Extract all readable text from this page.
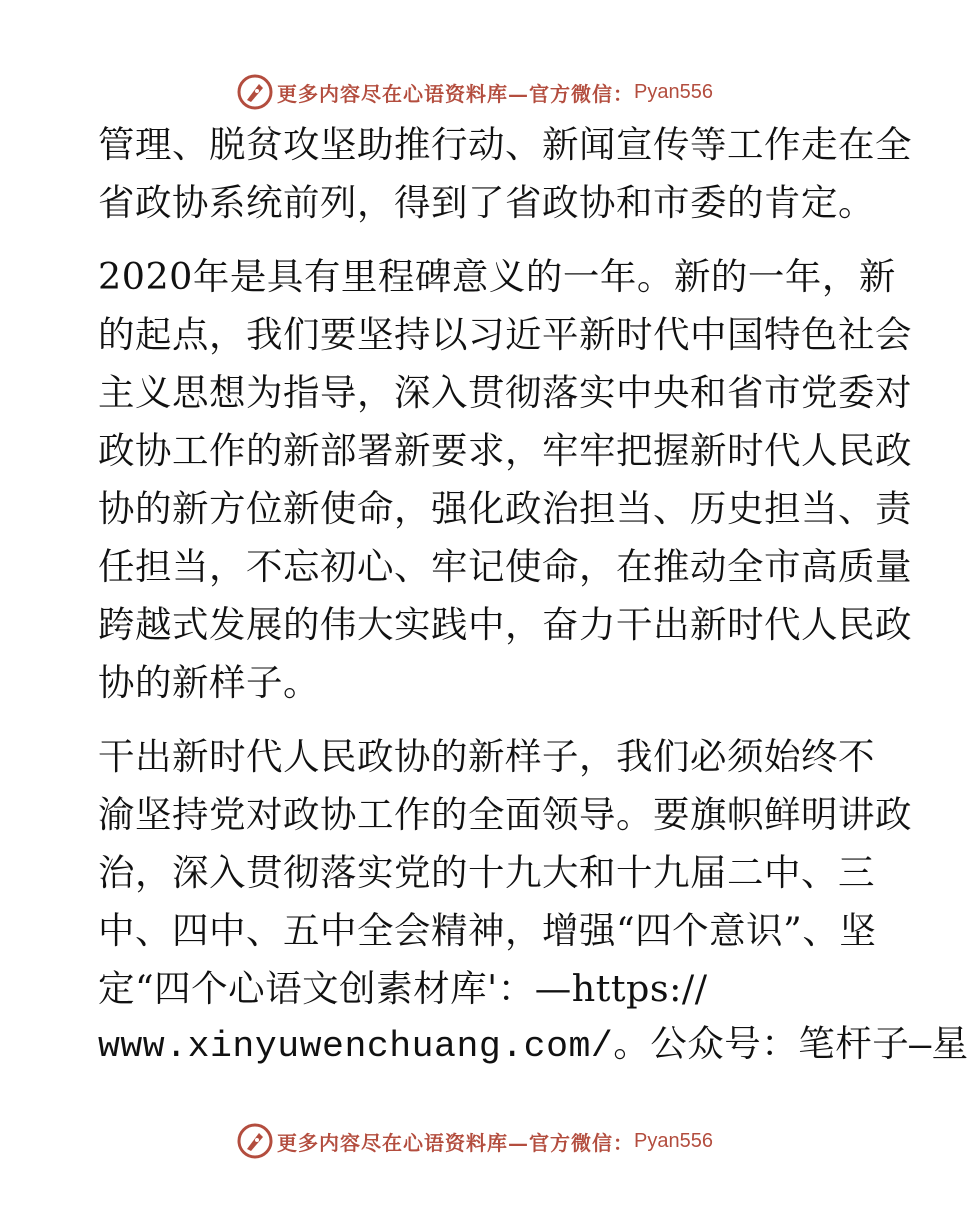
更多内容尽在心语资料库—官方微信： Pyan556
管理、脱贫攻坚助推行动、新闻宣传等工作走在全
省政协系统前列，得到了省政协和市委的肯定。
2020年是具有里程碑意义的一年。新的一年，新
的起点，我们要坚持以习近平新时代中国特色社会
主义思想为指导，深入贯彻落实中央和省市党委对
政协工作的新部署新要求，牢牢把握新时代人民政
协的新方位新使命，强化政治担当、历史担当、责
任担当，不忘初心、牢记使命，在推动全市高质量
跨越式发展的伟大实践中，奋力干出新时代人民政
协的新样子。
干出新时代人民政协的新样子，我们必须始终不
渝坚持党对政协工作的全面领导。要旗帜鲜明讲政
治，深入贯彻落实党的十九大和十九届二中、三
中、四中、五中全会精神，增强“四个意识”、坚
定“四个心语文创素材库'：—https://
www.xinyuwenchuang.com/。公众号：笔杆子—星
更多内容尽在心语资料库—官方微信： Pyan556
